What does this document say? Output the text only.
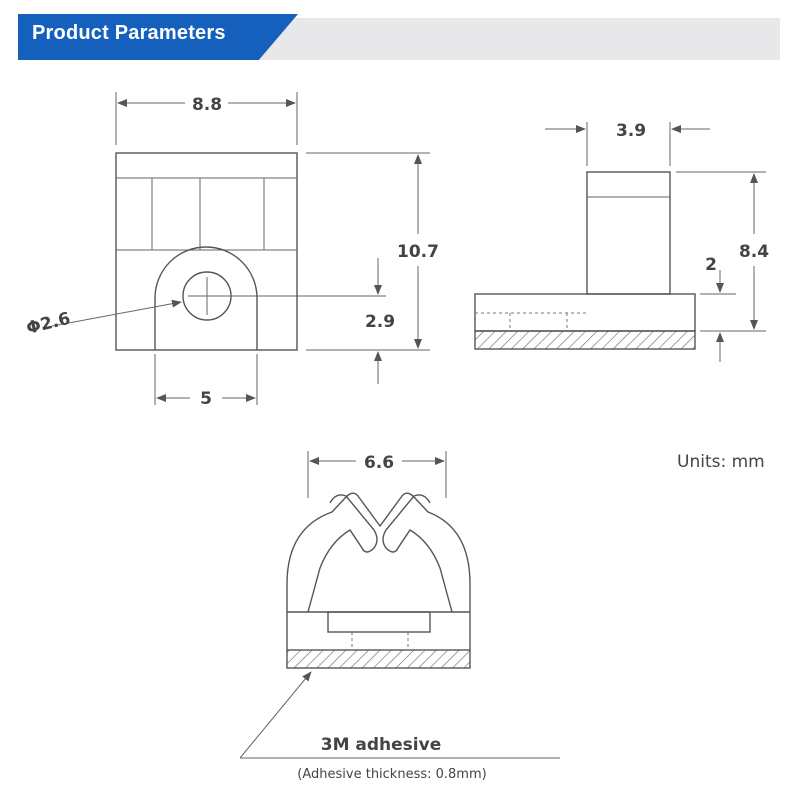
Product Parameters
8.8
10.7
2.9
Φ2.6
5
3.9
8.4
2
Units: mm
6.6
3M adhesive
(Adhesive thickness: 0.8mm)
